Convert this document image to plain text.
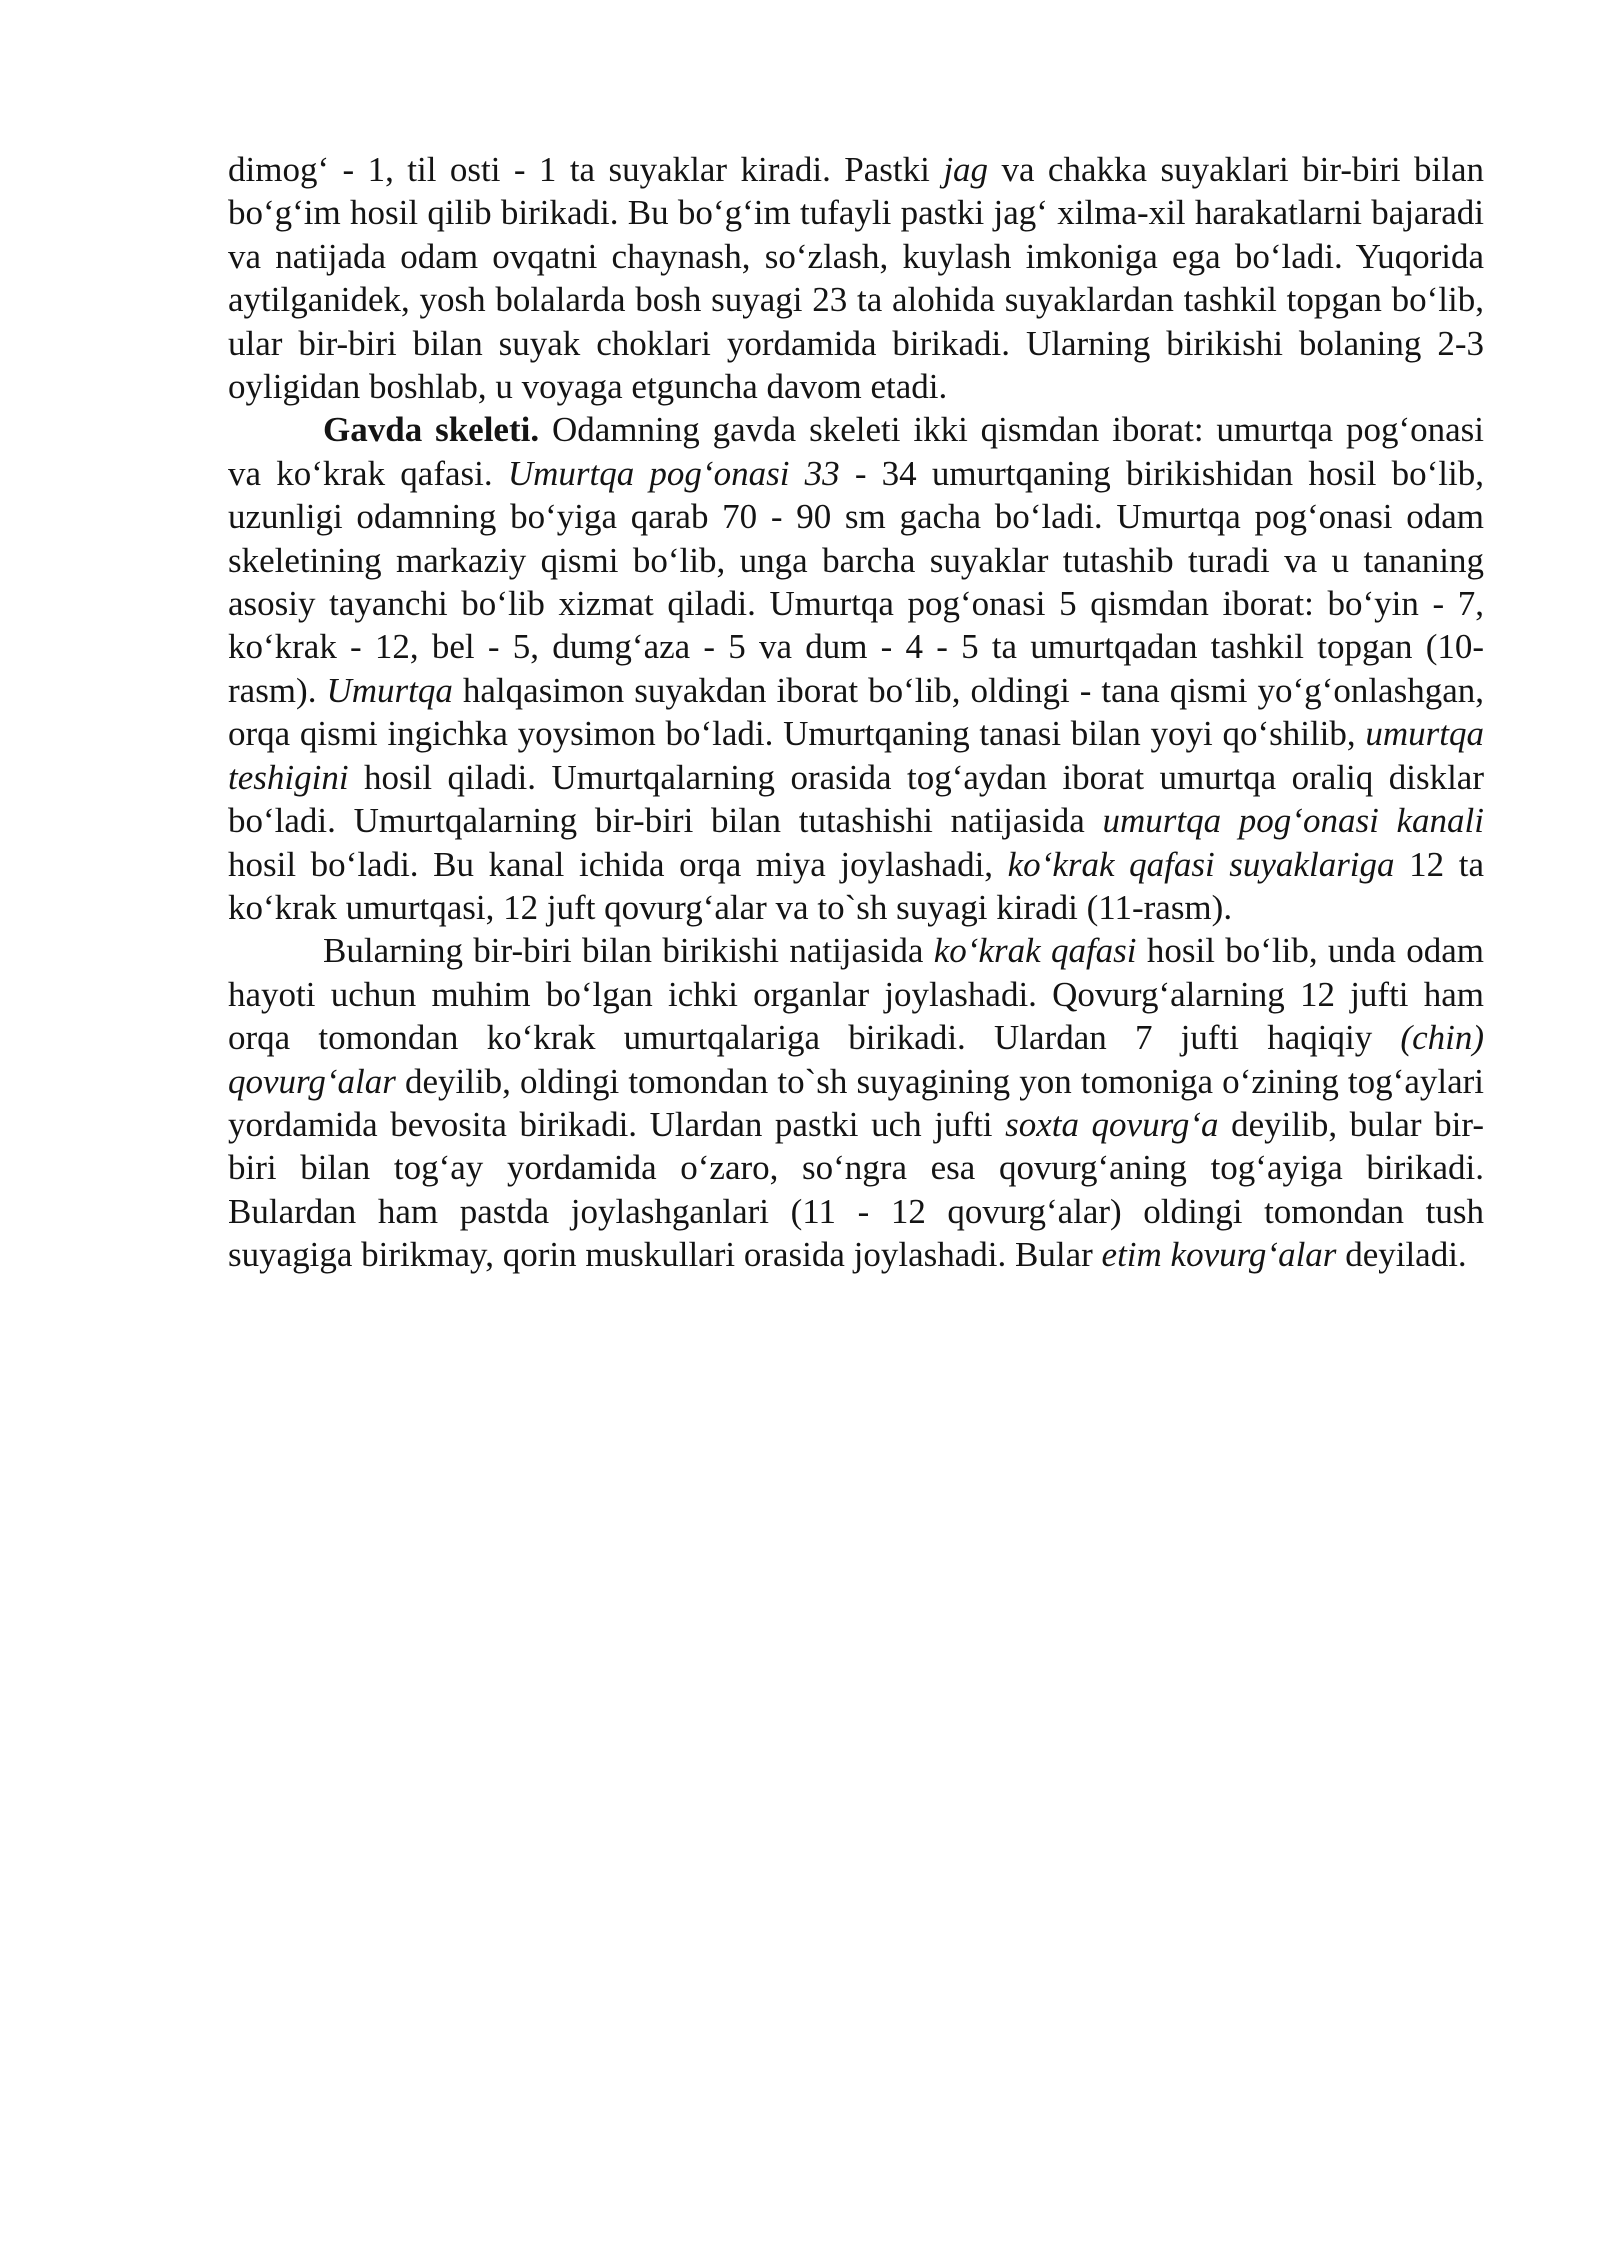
dimog‘ - 1, til osti - 1 ta suyaklar kiradi. Pastki jag va chakka suyaklari bir-biri bilan bo‘g‘im hosil qilib birikadi. Bu bo‘g‘im tufayli pastki jag‘ xilma-xil harakatlarni bajaradi va natijada odam ovqatni chaynash, so‘zlash, kuylash imkoniga ega bo‘ladi. Yuqorida aytilganidek, yosh bolalarda bosh suyagi 23 ta alohida suyaklardan tashkil topgan bo‘lib, ular bir-biri bilan suyak choklari yordamida birikadi. Ularning birikishi bolaning 2-3 oyligidan boshlab, u voyaga etguncha davom etadi.

Gavda skeleti. Odamning gavda skeleti ikki qismdan iborat: umurtqa pog‘onasi va ko‘krak qafasi. Umurtqa pog‘onasi 33 - 34 umurtqaning birikishidan hosil bo‘lib, uzunligi odamning bo‘yiga qarab 70 - 90 sm gacha bo‘ladi. Umurtqa pog‘onasi odam skeletining markaziy qismi bo‘lib, unga barcha suyaklar tutashib turadi va u tananing asosiy tayanchi bo‘lib xizmat qiladi. Umurtqa pog‘onasi 5 qismdan iborat: bo‘yin - 7, ko‘krak - 12, bel - 5, dumg‘aza - 5 va dum - 4 - 5 ta umurtqadan tashkil topgan (10-rasm). Umurtqa halqasimon suyakdan iborat bo‘lib, oldingi - tana qismi yo‘g‘onlashgan, orqa qismi ingichka yoysimon bo‘ladi. Umurtqaning tanasi bilan yoyi qo‘shilib, umurtqa teshigini hosil qiladi. Umurtqalarning orasida tog‘aydan iborat umurtqa oraliq disklar bo‘ladi. Umurtqalarning bir-biri bilan tutashishi natijasida umurtqa pog‘onasi kanali hosil bo‘ladi. Bu kanal ichida orqa miya joylashadi, ko‘krak qafasi suyaklariga 12 ta ko‘krak umurtqasi, 12 juft qovurg‘alar va to`sh suyagi kiradi (11-rasm).

Bularning bir-biri bilan birikishi natijasida ko‘krak qafasi hosil bo‘lib, unda odam hayoti uchun muhim bo‘lgan ichki organlar joylashadi. Qovurg‘alarning 12 jufti ham orqa tomondan ko‘krak umurtqalariga birikadi. Ulardan 7 jufti haqiqiy (chin) qovurg‘alar deyilib, oldingi tomondan to`sh suyagining yon tomoniga o‘zining tog‘aylari yordamida bevosita birikadi. Ulardan pastki uch jufti soxta qovurg‘a deyilib, bular bir-biri bilan tog‘ay yordamida o‘zaro, so‘ngra esa qovurg‘aning tog‘ayiga birikadi. Bulardan ham pastda joylashganlari (11 - 12 qovurg‘alar) oldingi tomondan tush suyagiga birikmay, qorin muskullari orasida joylashadi. Bular etim kovurg‘alar deyiladi.
